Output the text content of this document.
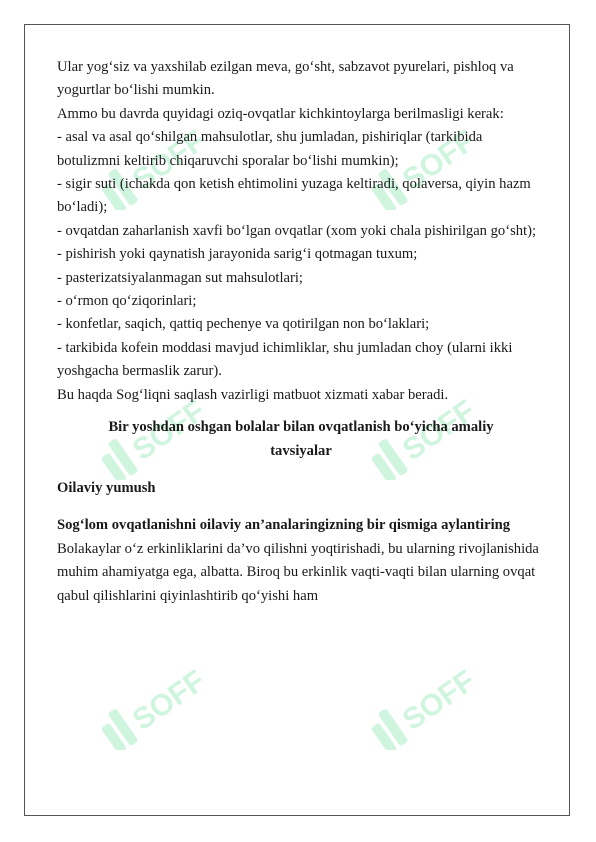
SOFF	SOFF
SOFF	SOFF
SOFF	SOFF

Ular yog‘siz va yaxshilab ezilgan meva, go‘sht, sabzavot pyurelari, pishloq va yogurtlar bo‘lishi mumkin.

Ammo bu davrda quyidagi oziq-ovqatlar kichkintoylarga berilmasligi kerak:

- asal va asal qo‘shilgan mahsulotlar, shu jumladan, pishiriqlar (tarkibida botulizmni keltirib chiqaruvchi sporalar bo‘lishi mumkin);

- sigir suti (ichakda qon ketish ehtimolini yuzaga keltiradi, qolaversa, qiyin hazm bo‘ladi);

- ovqatdan zaharlanish xavfi bo‘lgan ovqatlar (xom yoki chala pishirilgan go‘sht);

- pishirish yoki qaynatish jarayonida sarig‘i qotmagan tuxum;

- pasterizatsiyalanmagan sut mahsulotlari;

- o‘rmon qo‘ziqorinlari;

- konfetlar, saqich, qattiq pechenye va qotirilgan non bo‘laklari;

- tarkibida kofein moddasi mavjud ichimliklar, shu jumladan choy (ularni ikki yoshgacha bermaslik zarur).

Bu haqda Sog‘liqni saqlash vazirligi matbuot xizmati xabar beradi.

Bir yoshdan oshgan bolalar bilan ovqatlanish bo‘yicha amaliy tavsiyalar
Oilaviy yumush
Sog‘lom ovqatlanishni oilaviy an’analaringizning bir qismiga aylantiring

Bolakaylar o‘z erkinliklarini da’vo qilishni yoqtirishadi, bu ularning rivojlanishida muhim ahamiyatga ega, albatta. Biroq bu erkinlik vaqti-vaqti bilan ularning ovqat qabul qilishlarini qiyinlashtirib qo‘yishi ham
